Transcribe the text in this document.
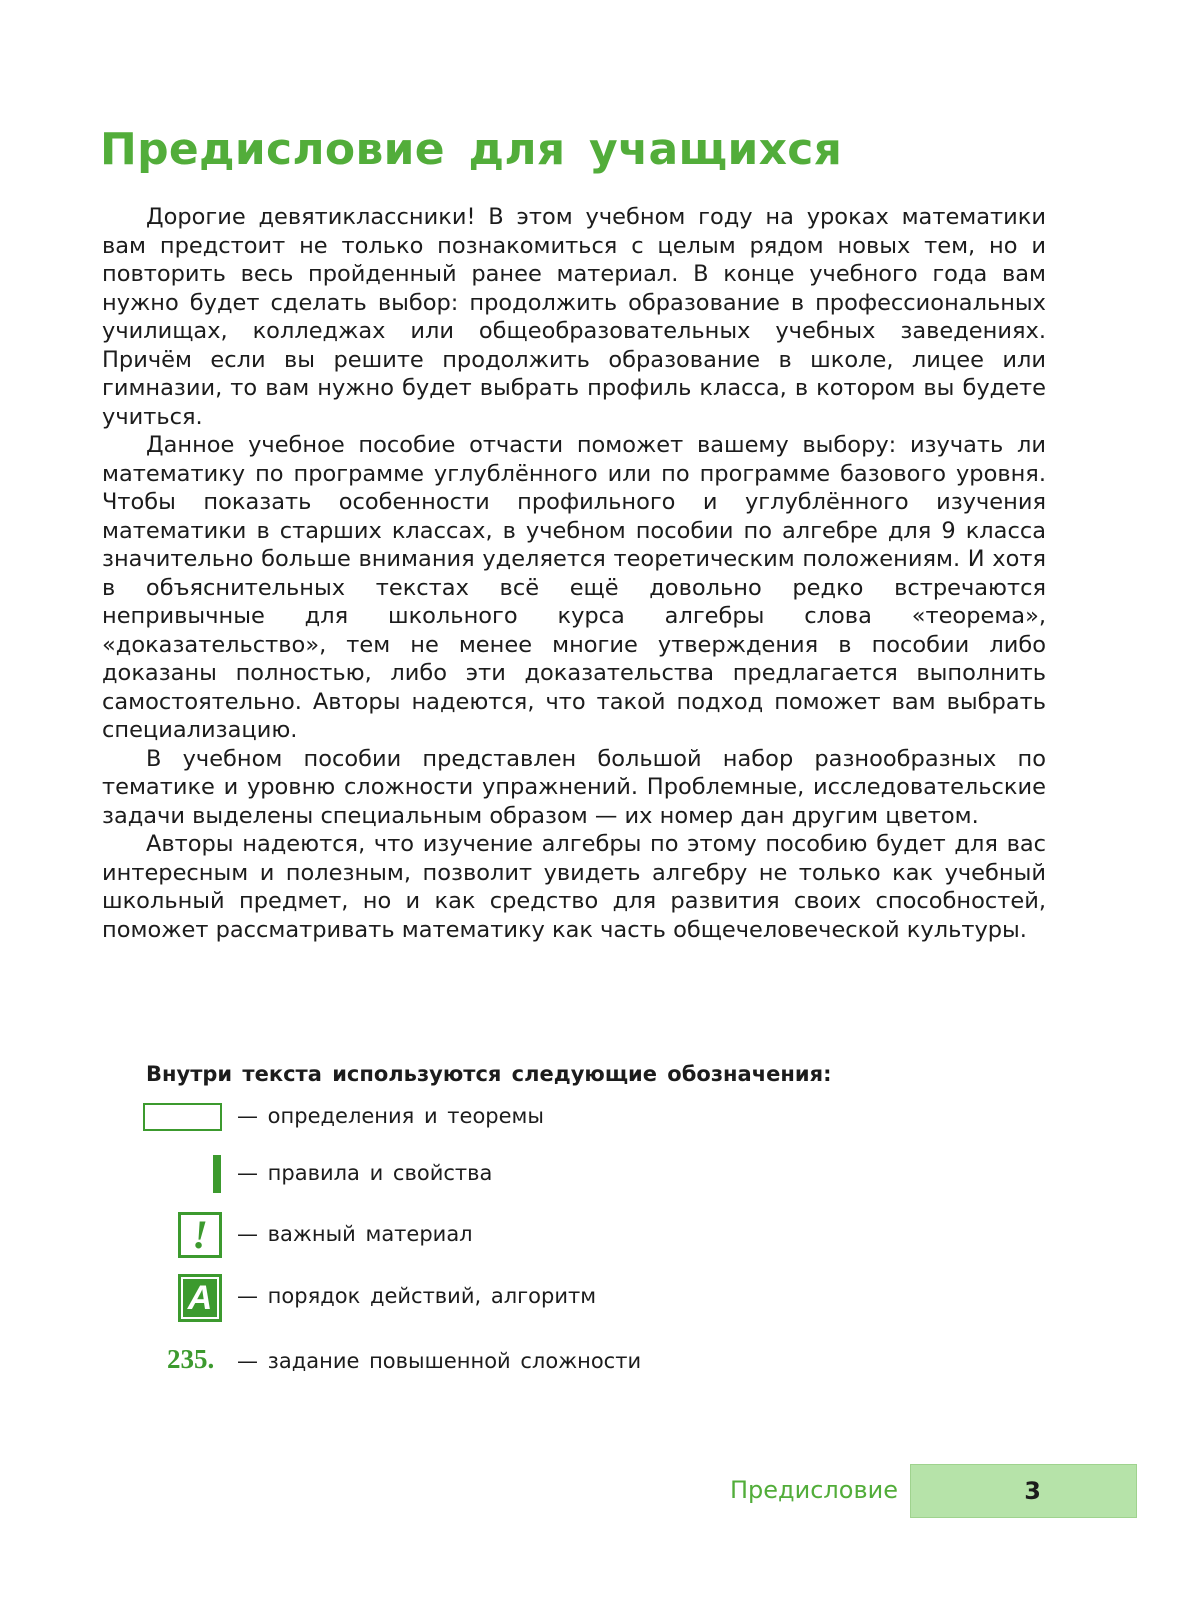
Предисловие для учащихся

Дорогие девятиклассники! В этом учебном году на уроках математики вам предстоит не только познакомиться с целым рядом новых тем, но и повторить весь пройденный ранее материал. В конце учебного года вам нужно будет сделать выбор: продолжить образование в профессиональных училищах, колледжах или общеобразовательных учебных заведениях. Причём если вы решите продолжить образование в школе, лицее или гимназии, то вам нужно будет выбрать профиль класса, в котором вы будете учиться.

Данное учебное пособие отчасти поможет вашему выбору: изучать ли математику по программе углублённого или по программе базового уровня. Чтобы показать особенности профильного и углублённого изучения математики в старших классах, в учебном пособии по алгебре для 9 класса значительно больше внимания уделяется теоретическим положениям. И хотя в объяснительных текстах всё ещё довольно редко встречаются непривычные для школьного курса алгебры слова «теорема», «доказательство», тем не менее многие утверждения в пособии либо доказаны полностью, либо эти доказательства предлагается выполнить самостоятельно. Авторы надеются, что такой подход поможет вам выбрать специализацию.

В учебном пособии представлен большой набор разнообразных по тематике и уровню сложности упражнений. Проблемные, исследовательские задачи выделены специальным образом — их номер дан другим цветом.

Авторы надеются, что изучение алгебры по этому пособию будет для вас интересным и полезным, позволит увидеть алгебру не только как учебный школьный предмет, но и как средство для развития своих способностей, поможет рассматривать математику как часть общечеловеческой культуры.

Внутри текста используются следующие обозначения:
— определения и теоремы
— правила и свойства
!	— важный материал
A — порядок действий, алгоритм
235. — задание повышенной сложности
Предисловие	3
